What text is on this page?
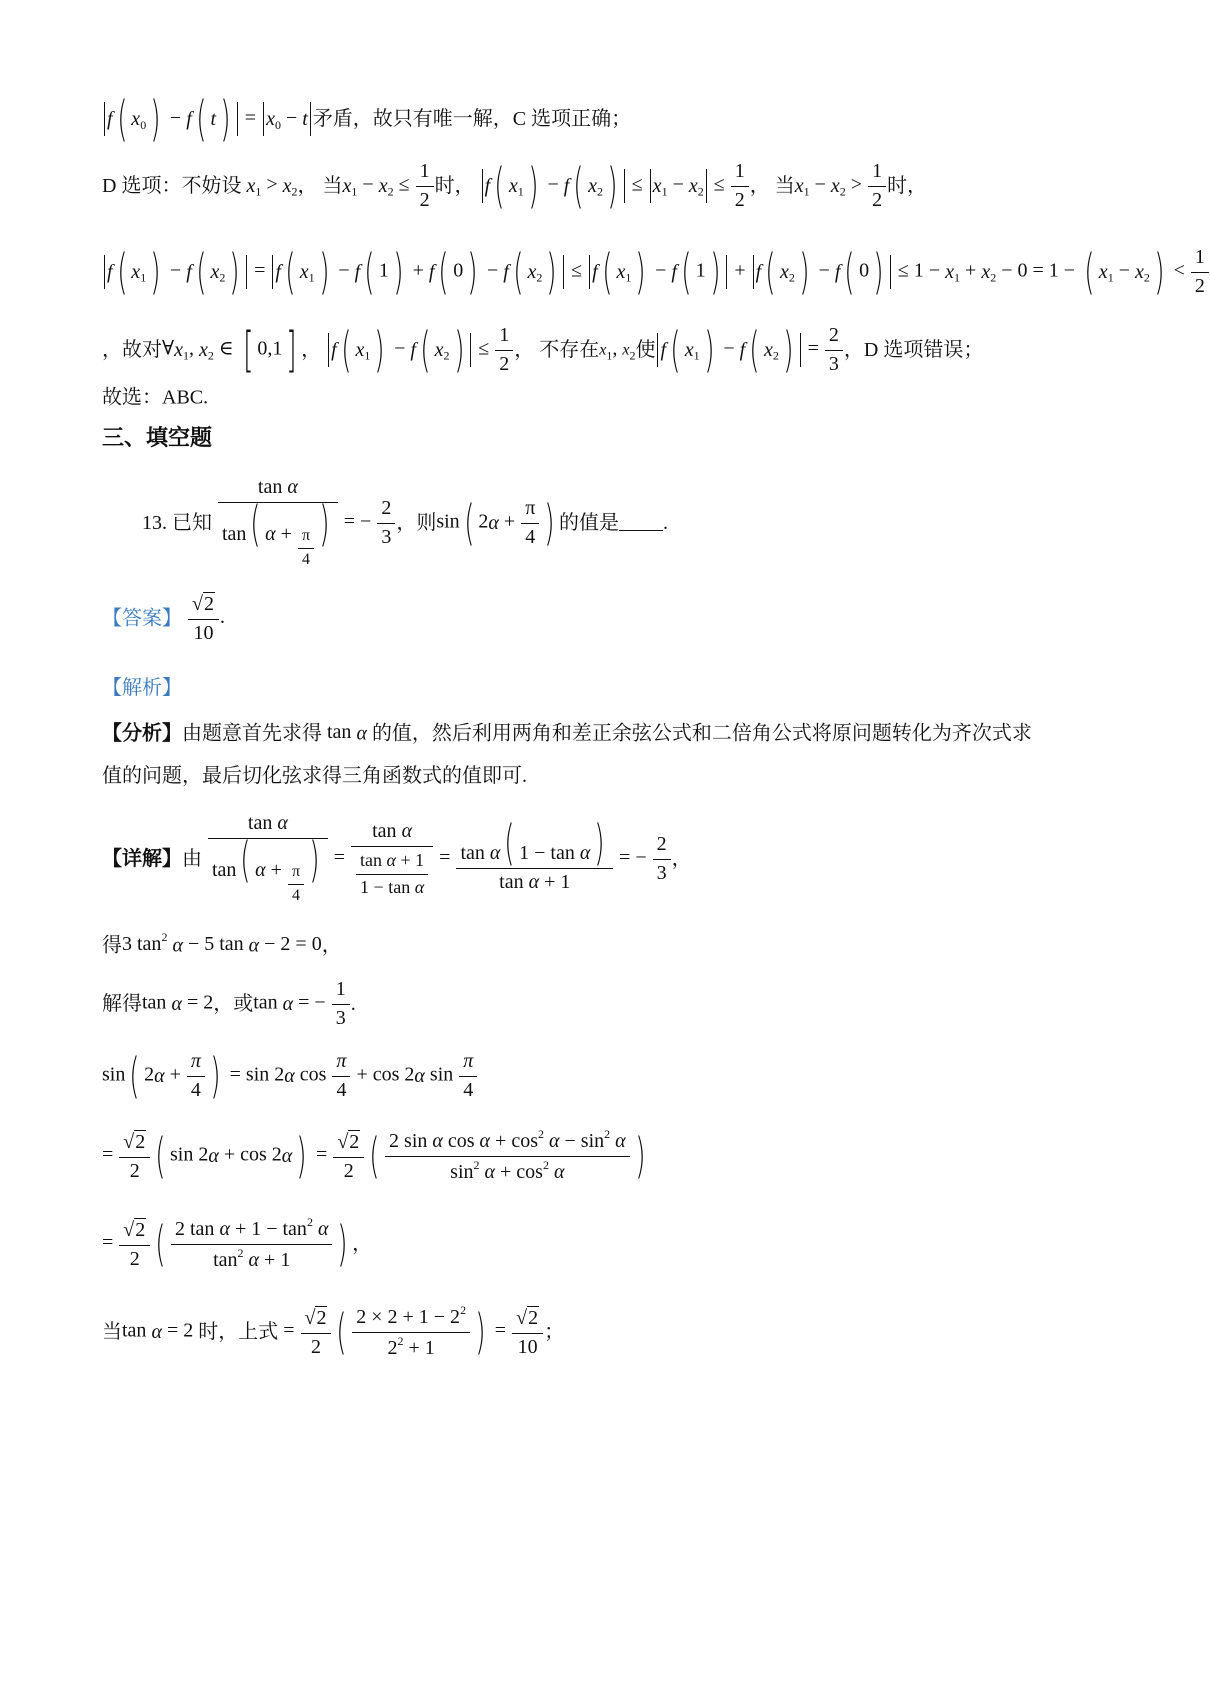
f( $x_0) - f$( $t) = x_0 - t$ 矛盾，故只有唯一解，C 选项正确；
D 选项：不妨设 $x_1 > x_2$， 当$x_1 - x_2 \le \frac{1}{2}$ 时， f( $x_1) - f$( $x_2) \le x_1 - x_2 \le \frac{1}{2}$ ， 当$x_1 - x_2 > \frac{1}{2}$ 时，
f( $x_1) - f$( $x_2) = f$( $x_1) - f$( 1) + f( 0) − f( $x_2) \le f$( $x_1) - f$( 1) + f( $x_2) - f$( $0) \le 1 - x_1 + x_2 - 0 = 1$ − ( $x_1 - x_2) < \frac{1}{2}$
，故对$\forall x_1$, $x_2$ ∈ [ 0,1] ， f( $x_1) - f$( $x_2) \le \frac{1}{2}$ ， 不存在$x_1$, $x_2$使 f( $x_1) - f$( $x_2) = \frac{2}{3}$ ，D 选项错误；
故选：ABC.
三、填空题
13. 已知 $\frac{\text{tan α}}{\tan( \alpha + \frac{\pi}{4} )}$ = − $\frac{2}{3}$ ，则sin( $2\alpha + \frac{\pi}{4}$ ) 的值是 .
【答案】 $\frac{√2}{10}$ .
【解析】
【分析】由题意首先求得 tan α 的值，然后利用两角和差正余弦公式和二倍角公式将原问题转化为齐次式求
值的问题，最后切化弦求得三角函数式的值即可.
【详解】由 $\frac{\text{tan α}}{\tan( \alpha + \frac{\pi}{4} )} = \frac{\text{tan α}}{\frac{\text{tan α + 1}}{\text{1 − tan α}}} = \frac{\text{tan α( 1 − tan α)}}{\text{tan α + 1}}$ = − $\frac{2}{3}$ ，
得3 $\tan^2 \alpha - 5$ tan α − 2 = 0，
解得tan α = 2，或tan α = − $\frac{1}{3}$ .
sin( $2\alpha + \frac{\pi}{4}$ ) = sin 2α $\cos \frac{\pi}{4} + \cos 2\alpha$ $\sin \frac{\pi}{4}$
= $\frac{√2}{2}$ ( $\sin 2\alpha + \cos 2\alpha) = \frac{√2}{2}$ ( $\frac{2 \sin \alpha \cos \alpha + \cos^2 \alpha - \sin^2 \alpha}{\sin^2 \alpha + \cos^2 \alpha}$ )
= $\frac{√2}{2}$ ( $\frac{2 \tan \alpha + 1 - \tan^2 \alpha}{\tan^2 \alpha + 1}$ ) ，
当tan α = 2 时，上式 = $\frac{√2}{2}$ ( $\frac{2 \times 2 + 1 - 2^2}{2^2 + 1}$ ) = $\frac{√2}{10}$ ；
